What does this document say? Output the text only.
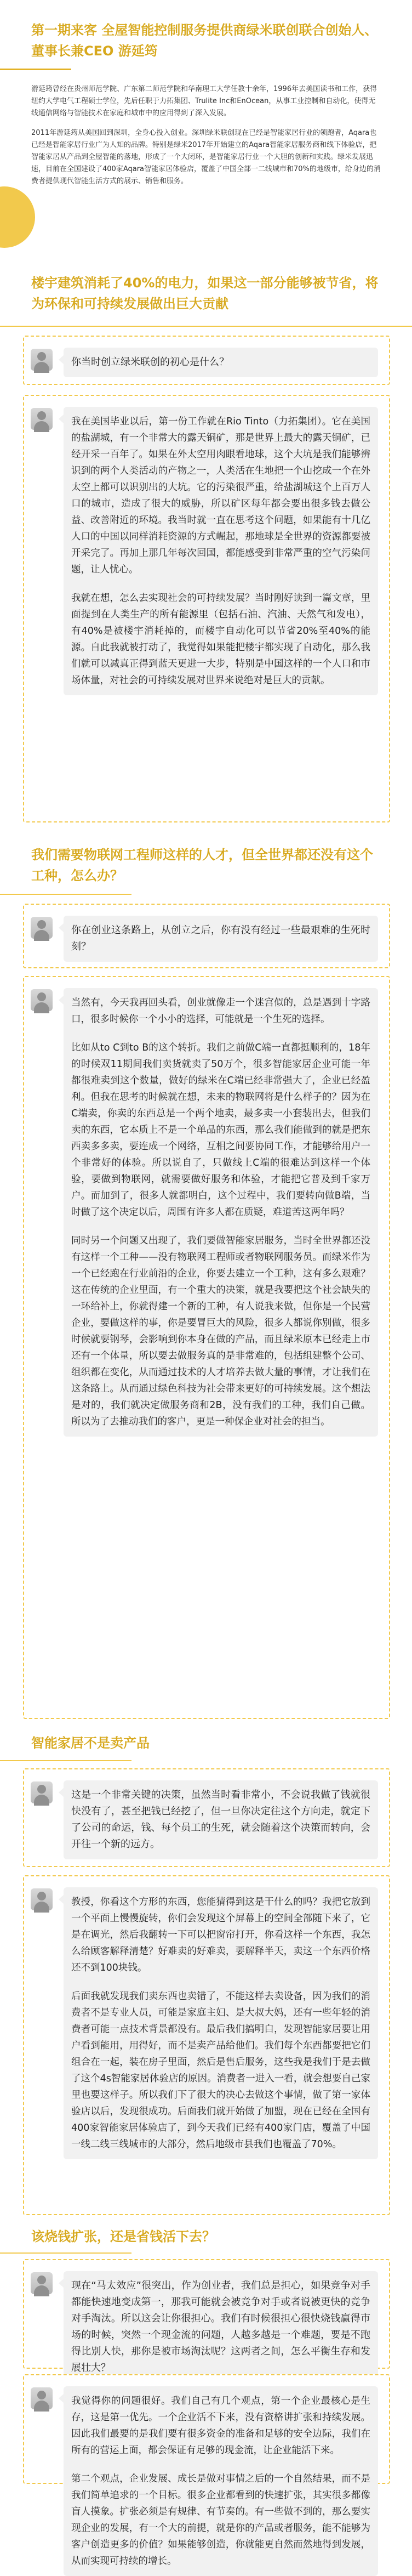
第一期来客 全屋智能控制服务提供商绿米联创联合创始人、董事长兼CEO 游延筠

游延筠曾经在贵州师范学院、广东第二师范学院和华南理工大学任教十余年，1996年去美国读书和工作，获得纽约大学电气工程硕士学位，先后任职于力拓集团、Trulite Inc和EnOcean，从事工业控制和自动化，使得无线通信网络与智能技术在家庭和城市中的应用得到了深入发展。

2011年游延筠从美国回到深圳，全身心投入创业。深圳绿米联创现在已经是智能家居行业的领跑者，Aqara也已经是智能家居行业广为人知的品牌。特别是绿米2017年开始建立的Aqara智能家居服务商和线下体验店，把智能家居从产品到全屋智能的落地，形成了一个大闭环，是智能家居行业一个大胆的创新和实践。绿米发展迅速，目前在全国建设了400家Aqara智能家居体验店，覆盖了中国全部一二线城市和70%的地级市，给身边的消费者提供现代智能生活方式的展示、销售和服务。

楼宇建筑消耗了40%的电力，如果这一部分能够被节省，将为环保和可持续发展做出巨大贡献

你当时创立绿米联创的初心是什么？

我在美国毕业以后，第一份工作就在Rio Tinto（力拓集团）。它在美国的盐湖城，有一个非常大的露天铜矿，那是世界上最大的露天铜矿，已经开采一百年了。如果在外太空用肉眼看地球，这个大坑是我们能够辨识到的两个人类活动的产物之一，人类活在生地把一个山挖成一个在外太空上都可以识别出的大坑。它的污染很严重，给盐湖城这个上百万人口的城市，造成了很大的威胁，所以矿区每年都会要出很多钱去做公益、改善附近的环境。我当时就一直在思考这个问题，如果能有十几亿人口的中国以同样消耗资源的方式崛起，那地球是全世界的资源都要被开采完了。再加上那几年每次回国，都能感受到非常严重的空气污染问题，让人忧心。

我就在想，怎么去实现社会的可持续发展？当时刚好读到一篇文章，里面提到在人类生产的所有能源里（包括石油、汽油、天然气和发电），有40%是被楼宇消耗掉的，而楼宇自动化可以节省20%至40%的能源。自此我就被打动了，我觉得如果能把楼宇都实现了自动化，那么我们就可以减真正得到蓝天更进一大步，特别是中国这样的一个人口和市场体量，对社会的可持续发展对世界来说绝对是巨大的贡献。

我们需要物联网工程师这样的人才，但全世界都还没有这个工种，怎么办？

你在创业这条路上，从创立之后，你有没有经过一些最艰难的生死时刻？

当然有，今天我再回头看，创业就像走一个迷宫似的，总是遇到十字路口，很多时候你一个小小的选择，可能就是一个生死的选择。

比如从to C到to B的这个转折。我们之前做C端一直都挺顺利的，18年的时候双11期间我们卖货就卖了50万个，很多智能家居企业可能一年都很难卖到这个数量，做好的绿米在C端已经非常强大了，企业已经盈利。但我在思考的时候就在想，未来的物联网将是什么样子的？因为在C端卖，你卖的东西总是一个两个地卖，最多卖一小套装出去，但我们卖的东西，它本质上不是一个单品的东西，那么我们能做到的就是把东西卖多多卖，要连成一个网络，互相之间要协同工作，才能够给用户一个非常好的体验。所以说自了，只做线上C端的很难达到这样一个体验，要做到物联网，就需要做好服务和体验，才能把它普及到千家万户。而加到了，很多人就都明白，这个过程中，我们要转向做B端，当时做了这个决定以后，周围有许多人都在质疑，难道苦这两年吗？

同时另一个问题又出现了，我们要做智能家居服务，当时全世界都还没有这样一个工种——没有物联网工程师或者物联网服务员。而绿米作为一个已经跑在行业前沿的企业，你要去建立一个工种，这有多么艰难？这在传统的企业里面，有一个重大的决策，就是我要把这个社会缺失的一环给补上，你就得建一个新的工种，有人说我来做，但你是一个民营企业，要做这样的事，你是要冒巨大的风险，很多人都说你别做，很多时候就要钢琴，会影响到你本身在做的产品，而且绿米原本已经走上市还有一个体量，所以要去做服务真的是非常难的，包括组建整个公司、组织都在变化，从而通过技术的人才培养去做大量的事情，才让我们在这条路上。从而通过绿色科技为社会带来更好的可持续发展。这个想法是对的，我们就决定做服务商和2B，没有我们的工种，我们自己做。所以为了去推动我们的客户，更是一种保企业对社会的担当。

智能家居不是卖产品

这是一个非常关键的决策，虽然当时看非常小，不会说我做了钱就很快没有了，甚至把钱已经挖了，但一旦你决定往这个方向走，就定下了公司的命运，钱、每个员工的生死，就会随着这个决策而转向，会开往一个新的远方。

教授，你看这个方形的东西，您能猜得到这是干什么的吗？我把它放到一个平面上慢慢旋转，你们会发现这个屏幕上的空间全部随下来了，它是在调光，然后我翻转一下可以把窗帘打开，你看这样一个东西，我怎么给顾客解释清楚？好难卖的好难卖，要解释半天，卖这一个东西价格还不到100块钱。

后面我就发现我们卖东西也卖错了，不能这样去卖设备，因为我们的消费者不是专业人员，可能是家庭主妇、是大叔大妈，还有一些年轻的消费者可能一点技术背景都没有。最后我们搞明白，发现智能家居要让用户看到能用，用得好，而不是卖产品给他们。我们每个东西都要把它们组合在一起，装在房子里面，然后是售后服务，这些我是我们于是去做了这个4s智能家居体验店的原因。消费者一进入一看，就会想要自己家里也要这样子。所以我们下了很大的决心去做这个事情，做了第一家体验店以后，发现很成功。后面我们就开始做了加盟，现在已经在全国有400家智能家居体验店了，到今天我们已经有400家门店，覆盖了中国一线二线三线城市的大部分，然后地级市县我们也覆盖了70%。

该烧钱扩张，还是省钱活下去？

现在“马太效应”很突出，作为创业者，我们总是担心，如果竞争对手都能快速地变成第一，那我可能就会被竞争对手或者说被更快的竞争对手淘汰。所以这会让你很担心。我们有时候很担心很快烧钱赢得市场的时候，突然一个现金流的问题，人越多越是一个难题，要是不跑得比别人快，那你是被市场淘汰呢？这两者之间，怎么平衡生存和发展壮大？

我觉得你的问题很好。我们自己有几个观点，第一个企业最核心是生存，这是第一优先。一个企业活不下来，没有资格讲扩张和持续发展。因此我们最要的是我们要有很多资金的准备和足够的安全边际，我们在所有的营运上面，都会保证有足够的现金流，让企业能活下来。

第二个观点，企业发展、成长是做对事情之后的一个自然结果，而不是我们简单追求的一个目标。很多企业都看到的快速扩张，其实很多都像盲人摸象。扩张必须是有规律、有节奏的。有一些做不到的，那么要实现企业的发展，有一个大的前提，就是你的产品或者服务，能不能够为客户创造更多的价值？如果能够创造，你就能更自然而然地得到发展，从而实现可持续的增长。
